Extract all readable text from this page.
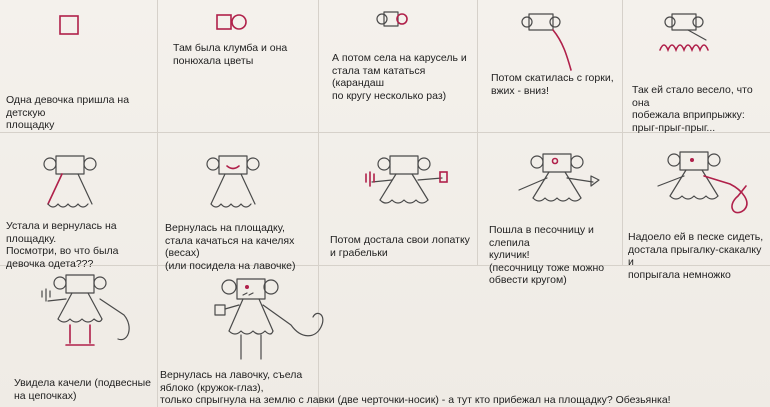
Одна девочка пришла на детскую
площадку
Там была клумба и она
понюхала цветы	А потом села на карусель и
стала там кататься (карандаш
по кругу несколько раз)
Потом скатилась с горки,
вжих - вниз!	Так ей стало весело, что она
побежала вприпрыжку:
прыг-прыг-прыг...
Устала и вернулась на площадку.
Посмотри, во что была
девочка одета???
Вернулась на площадку,
стала качаться на качелях (весах)
(или посидела на лавочке)
Потом достала свои лопатку
и грабельки
Пошла в песочницу и слепила
куличик!
(песочницу тоже можно
обвести кругом)
Надоело ей в песке сидеть,
достала прыгалку-скакалку и
попрыгала немножко
Увидела качели (подвесные
на цепочках)
Вернулась на лавочку, съела
яблоко (кружок-глаз),
только спрыгнула на землю с лавки (две черточки-носик) - а тут кто прибежал на площадку? Обезьянка!
